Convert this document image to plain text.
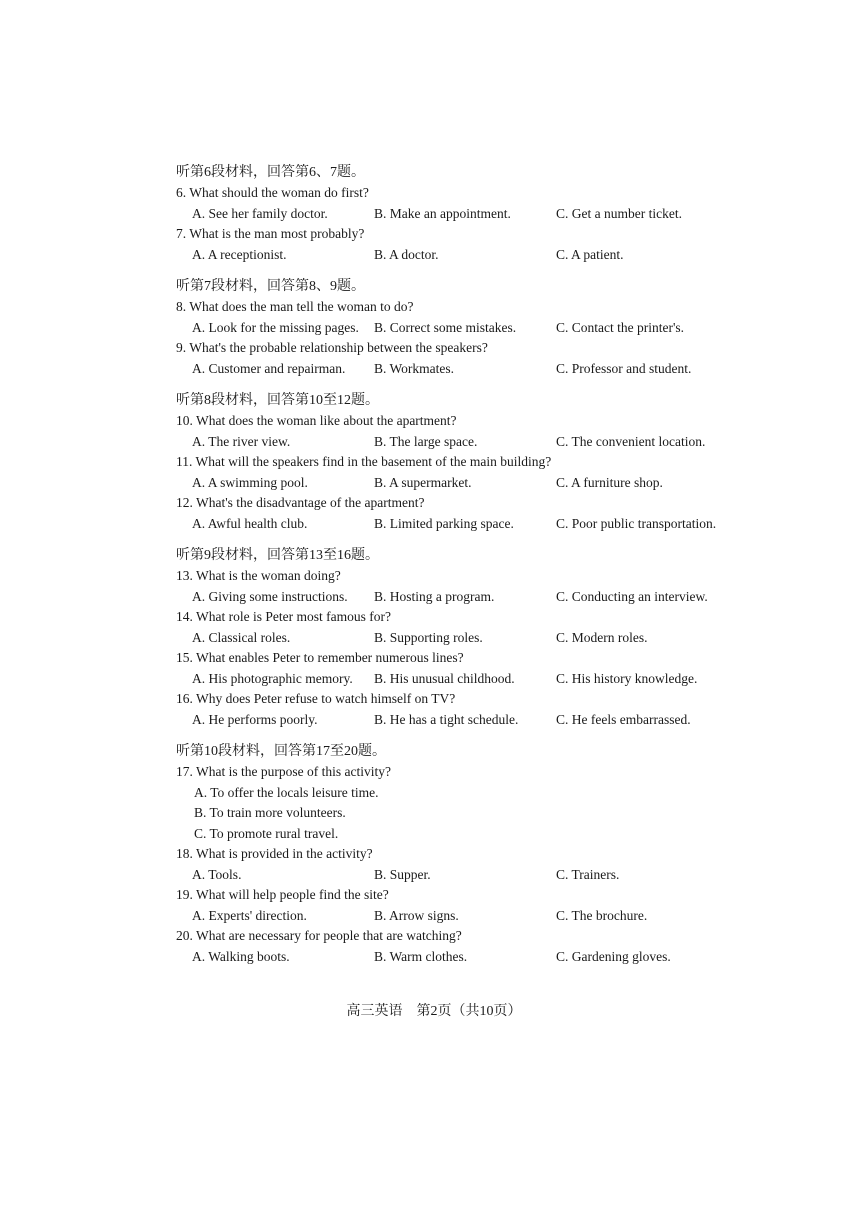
听第6段材料，回答第6、7题。
6. What should the woman do first?
A. See her family doctor.	B. Make an appointment.	C. Get a number ticket.
7. What is the man most probably?
A. A receptionist.	B. A doctor.	C. A patient.
听第7段材料，回答第8、9题。
8. What does the man tell the woman to do?
A. Look for the missing pages. B. Correct some mistakes.	C. Contact the printer's.
9. What's the probable relationship between the speakers?
A. Customer and repairman. B. Workmates.	C. Professor and student.
听第8段材料，回答第10至12题。
10. What does the woman like about the apartment?
A. The river view.	B. The large space.	C. The convenient location.
11. What will the speakers find in the basement of the main building?
A. A swimming pool.	B. A supermarket.	C. A furniture shop.
12. What's the disadvantage of the apartment?
A. Awful health club.	B. Limited parking space.	C. Poor public transportation.
听第9段材料，回答第13至16题。
13. What is the woman doing?
A. Giving some instructions. B. Hosting a program.	C. Conducting an interview.
14. What role is Peter most famous for?
A. Classical roles.	B. Supporting roles.	C. Modern roles.
15. What enables Peter to remember numerous lines?
A. His photographic memory. B. His unusual childhood.	C. His history knowledge.
16. Why does Peter refuse to watch himself on TV?
A. He performs poorly.	B. He has a tight schedule.	C. He feels embarrassed.
听第10段材料，回答第17至20题。
17. What is the purpose of this activity?
A. To offer the locals leisure time.
B. To train more volunteers.
C. To promote rural travel.
18. What is provided in the activity?
A. Tools.	B. Supper.	C. Trainers.
19. What will help people find the site?
A. Experts' direction.	B. Arrow signs.	C. The brochure.
20. What are necessary for people that are watching?
A. Walking boots.	B. Warm clothes.	C. Gardening gloves.
高三英语　第2页（共10页）
